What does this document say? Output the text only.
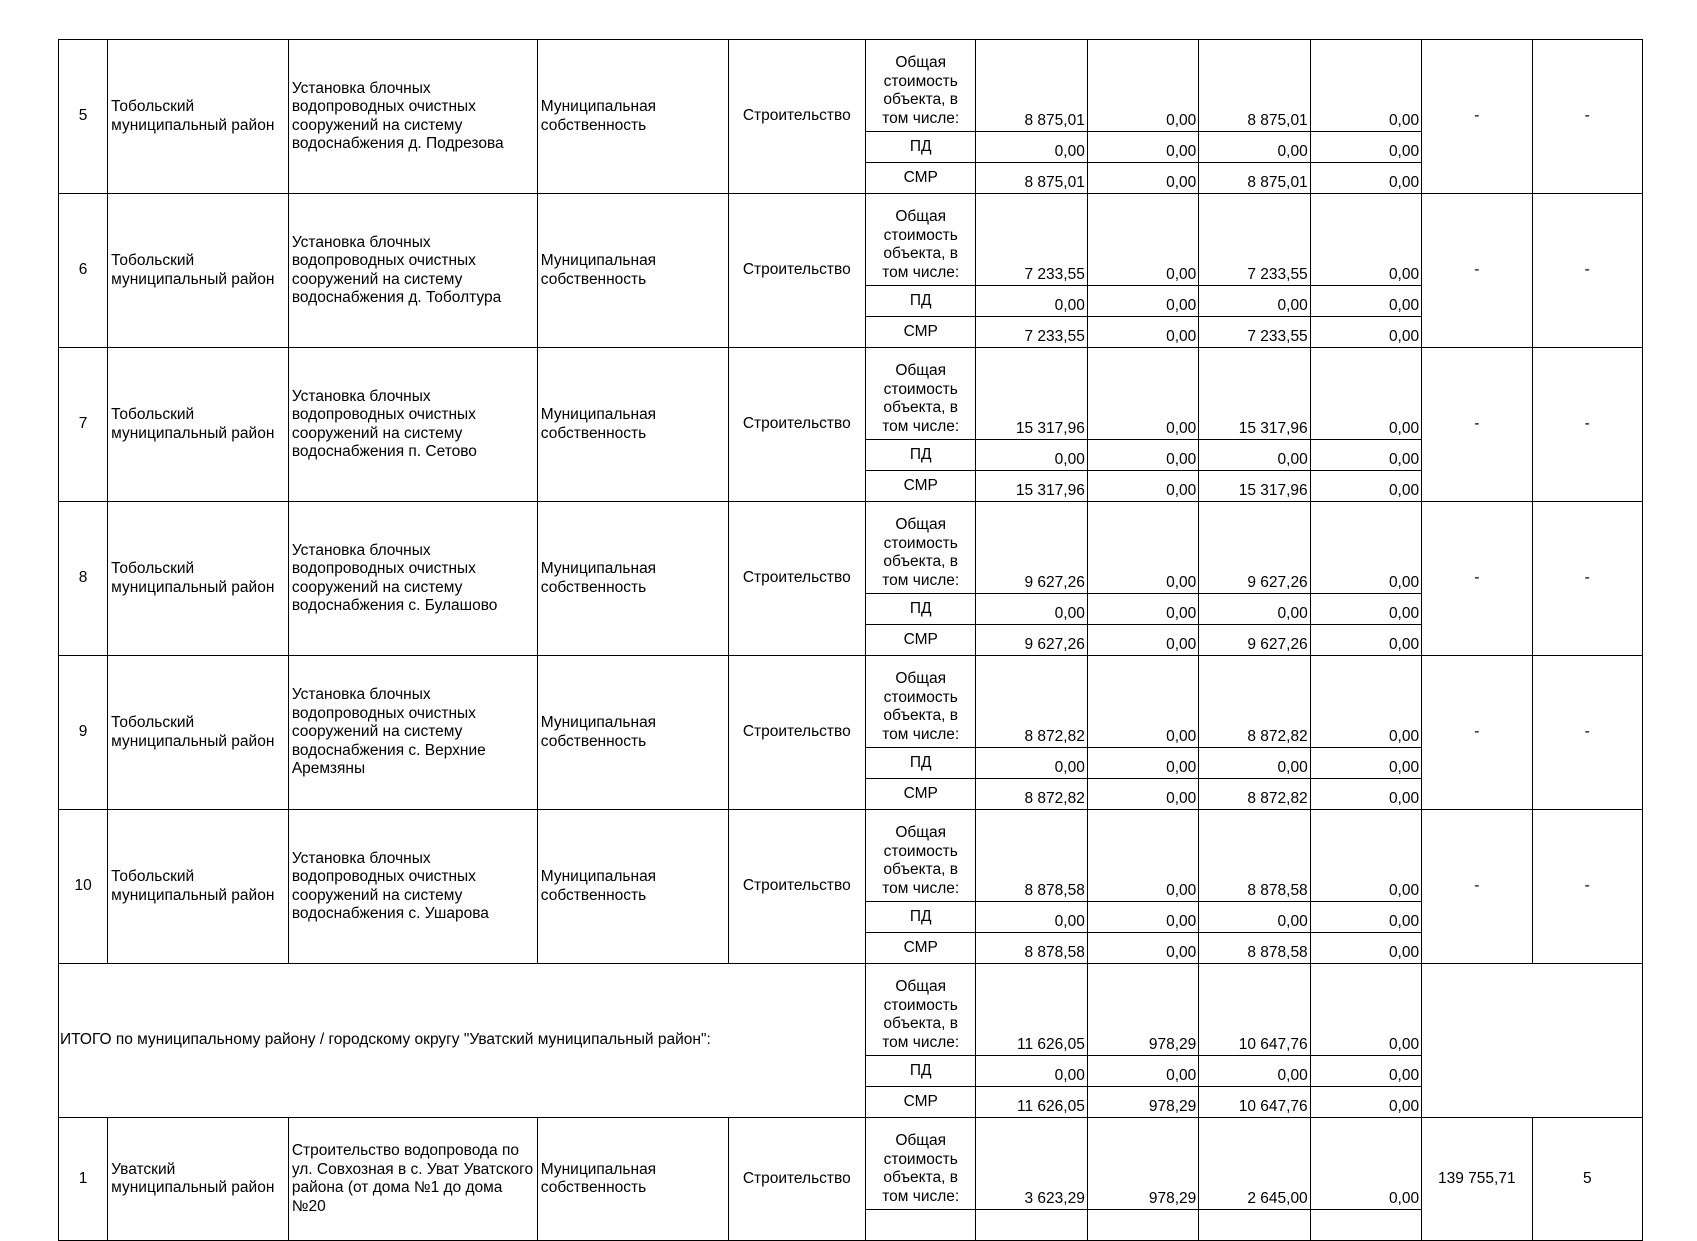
5	Тобольский муниципальный район	Установка блочных водопроводных очистных сооружений на систему водоснабжения д. Подрезова	Муниципальная собственность	Строительство	Общая стоимость объекта, в том числе:	8 875,01	0,00	8 875,01	0,00	-	-
					ПД	0,00	0,00	0,00	0,00		
					СМР	8 875,01	0,00	8 875,01	0,00		
6	Тобольский муниципальный район	Установка блочных водопроводных очистных сооружений на систему водоснабжения д. Тоболтура	Муниципальная собственность	Строительство	Общая стоимость объекта, в том числе:	7 233,55	0,00	7 233,55	0,00	-	-
					ПД	0,00	0,00	0,00	0,00		
					СМР	7 233,55	0,00	7 233,55	0,00		
7	Тобольский муниципальный район	Установка блочных водопроводных очистных сооружений на систему водоснабжения п. Сетово	Муниципальная собственность	Строительство	Общая стоимость объекта, в том числе:	15 317,96	0,00	15 317,96	0,00	-	-
					ПД	0,00	0,00	0,00	0,00		
					СМР	15 317,96	0,00	15 317,96	0,00		
8	Тобольский муниципальный район	Установка блочных водопроводных очистных сооружений на систему водоснабжения с. Булашово	Муниципальная собственность	Строительство	Общая стоимость объекта, в том числе:	9 627,26	0,00	9 627,26	0,00	-	-
					ПД	0,00	0,00	0,00	0,00		
					СМР	9 627,26	0,00	9 627,26	0,00		
9	Тобольский муниципальный район	Установка блочных водопроводных очистных сооружений на систему водоснабжения с. Верхние Аремзяны	Муниципальная собственность	Строительство	Общая стоимость объекта, в том числе:	8 872,82	0,00	8 872,82	0,00	-	-
					ПД	0,00	0,00	0,00	0,00		
					СМР	8 872,82	0,00	8 872,82	0,00		
10	Тобольский муниципальный район	Установка блочных водопроводных очистных сооружений на систему водоснабжения с. Ушарова	Муниципальная собственность	Строительство	Общая стоимость объекта, в том числе:	8 878,58	0,00	8 878,58	0,00	-	-
					ПД	0,00	0,00	0,00	0,00		
					СМР	8 878,58	0,00	8 878,58	0,00		
ИТОГО по муниципальному району / городскому округу "Уватский муниципальный район":					Общая стоимость объекта, в том числе:	11 626,05	978,29	10 647,76	0,00		
					ПД	0,00	0,00	0,00	0,00		
					СМР	11 626,05	978,29	10 647,76	0,00		
1	Уватский муниципальный район	Строительство водопровода по ул. Совхозная в с. Уват Уватского района (от дома №1 до дома №20	Муниципальная собственность	Строительство	Общая стоимость объекта, в том числе:	3 623,29	978,29	2 645,00	0,00	139 755,71	5
